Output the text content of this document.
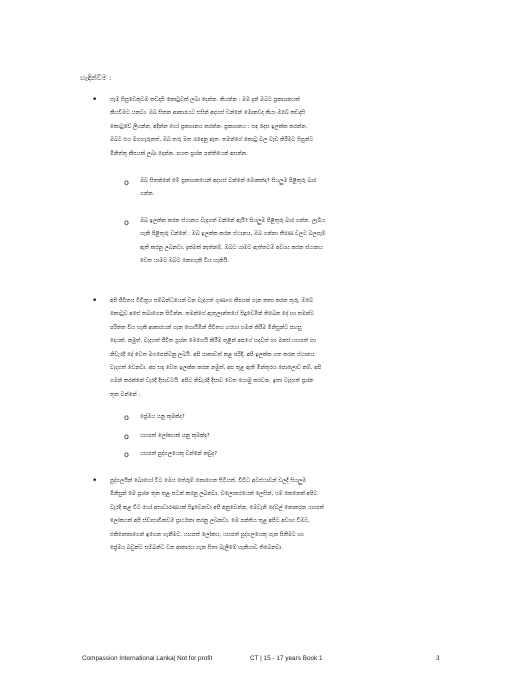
හැඳින්වීම :
• සැම සිසුවෙකුටම කඩදාසි කොටුවක් ලබා දෙන්න. කියන්න : මම දැන් ඔබට ප්‍රකාශනයක්
කියවීමට යනවා. ඔබ සිතන ආකාරයට එසින් අදහස් වන්නේ මොනවද කියා ඔබේ කඩදාසි
කොටුවේ ලියන්න, අදින්න හෝ ප්‍රකාශනය කරන්න. ප්‍රකාශනය : සඳ දෙස ඉලක්ක කරන්න,
ඔබට එය මගහැරුනත්, ඔබ තරු මත රැඳෙනු ඇත. තමන්ගේ කොටු වල වැඩ කිරීමට සිසුන්ට
මිනිත්තු කීපයක් ලබා දෙන්න. පහත ප්‍රශ්න පන්තියෙන් අසන්න.
o ඔබ සිතන්නේ මේ ප්‍රකාශනයෙන් අදහස් වන්නේ මොකක්ද? සියලුම පිළිතුරු බාර
ගන්න.
o ඔබ ඉලක්ක කරන ස්ථානය වැදගත් වන්නේ ඇයි? සියලුම පිළිතුරු බාර ගන්න. ලැබිය
හැකි පිළිතුරු වන්නේ : ඔබ ඉලක්ක කරන ස්ථානය, ඔබ ගන්නා තීරණ වලට බලපෑම්
ඇති කරනු ලබනවා, දැක්මක් නැත්නම්, ඔබට යාමට ඇත්තටම අවශ්‍ය කරන ස්ථානය
වෙත යාමට ඔබට නොහැකි විය හැකියි.
• අපි ජීවිතය විචිත්‍රය සම්බන්ධයෙන් වන වැදගත් ගුණාංග කීපයක් ගැන කතා කරන තුරු, ඔබේ
කොටුව අසේ තබාගෙන සිටින්න. තමන්ගේ ඇතුලාන්තයේ සිදුවෙමින් තිබෙන දේ හා තමන්ට
පරිතත විය හැකි ආකාරයන් ගැන හොයිමින් ජීවිතය හරහා ගමන් කිරීම මිනිසුන්ට පහසු
දෙයක්. නමුත්, වැදගත් ජීවිත ප්‍රශ්න මෙහෙයි කිරීම තුළින් අපගේ හදවත් හා මනස් යහපත් හා
නිවැරදි දේ වෙත මගපෙන්වනු ලබයි. අපි යාකාවත් කළ පරිදි, අපි ඉලක්ක ගත කරන ස්ථානය
වැදගත් වෙනවා. අප සඳ වෙත ඉලක්ක කරන නමුත්, අප තුළ ඇති මින්තුරය පොලොව නම්, අපි
ගමන් කරන්නේ වැරදි දිසාවටයි. අපිට නිවැරදි දිසාව වෙත යොමු කරවන, ඉතා වැදගත් ප්‍රශ්න
තුන වන්නේ :
o ප්‍රේමය යනු කුමක්ද?
o යහපත් ලෝකයක් යනු කුමක්ද?
o යහපත් පුද්ගලයෙකු වන්නේ කවුද?
• පුද්ගලයින් බොහෝ විට මෙය තේරුම් නොගෙන සිටියත්, විවිධ අවස්ථාවන් වලදී සියලුම
මිනිසුන් මෙ ප්‍රශ්න තුන තුළ සටන් කරනු ලබනවා. වලොකරයෙක් ලෙසින්, යම් කෙනෙක් අපිට
වැරදි කළ විට හෝ අසාධාරණයක් සිදුවෙනවා අපි අනුවෙන්න, මෙවැනි දේවල් නොකරන යහපත්
ලෝකයක් අපි ස්වාභාවිකවම ප්‍රාර්ථනා කරනු ලබනවා. මෙ පන්තිය තුළ අපිට අවශ්‍ය වීමට,
එකිනෙකාගෙන් ඉගෙන ගැනීමට, යහපත් ලෝකය, යහපත් පුද්ගලයෙකු ගැන සිතීමට හා
ප්‍රේමය බවුන්ට සම්බන්ධ වන ආකාරය ගැන සිතා බැලීමේ හැකියාව තිබෙනවා.
Compassion International Lanka| Not for profit	CT | 15 - 17 years Book 1	3
